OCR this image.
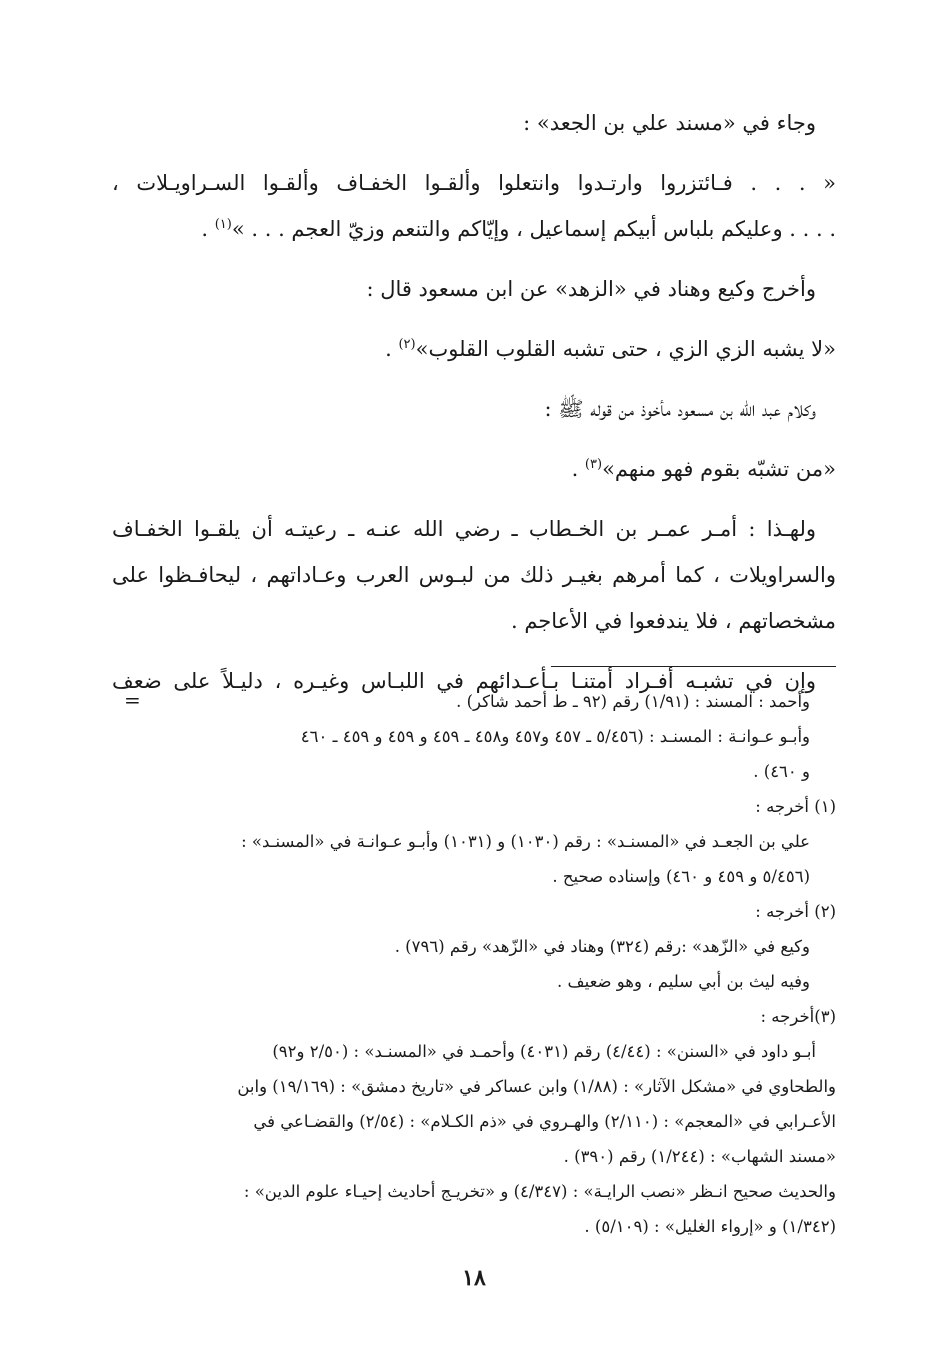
وجاء في «مسند علي بن الجعد» :

« . . . فـائتزروا وارتـدوا وانتعلوا وألقـوا الخفـاف وألقـوا السـراويـلات ،

. . . . وعليكم بلباس أبيكم إسماعيل ، وإيّاكم والتنعم وزيّ العجم . . . »$^{(١)}$ .

وأخرج وكيع وهناد في «الزهد» عن ابن مسعود قال :

«لا يشبه الزي الزي ، حتى تشبه القلوب القلوب»$^{(٢)}$ .

وكلام عبد الله بن مسعود مأخوذ من قوله ﷺ :

«من تشبّه بقوم فهو منهم»$^{(٣)}$ .

ولهـذا : أمـر عمـر بن الخـطاب ـ رضي الله عنـه ـ رعيتـه أن يلقـوا الخفـاف

والسراويلات ، كما أمرهم بغيـر ذلك من لبـوس العرب وعـاداتهم ، ليحافـظوا على

مشخصاتهم ، فلا يندفعوا في الأعاجم .

وإن في تشبـه أفـراد أمتنـا بـأعـدائهم في اللبـاس وغيـره ، دليـلاً على ضعف

=	وأحمد : المسند : (١/٩١) رقم (٩٢ ـ ط أحمد شاكر) .

وأبـو عـوانـة : المسنـد : (٥/٤٥٦ ـ ٤٥٧ و٤٥٧ و٤٥٨ ـ ٤٥٩ و ٤٥٩ و ٤٥٩ ـ ٤٦٠

و ٤٦٠) .

(١) أخرجه :

علي بن الجعـد في «المسنـد» : رقم (١٠٣٠) و (١٠٣١) وأبـو عـوانـة في «المسنـد» :

(٥/٤٥٦ و ٤٥٩ و ٤٦٠) وإسناده صحيح .

(٢) أخرجه :

وكيع في «الزّهد» :رقم (٣٢٤) وهناد في «الزّهد» رقم (٧٩٦) .

وفيه ليث بن أبي سليم ، وهو ضعيف .

(٣)أخرجه :

أبـو داود في «السنن» : (٤/٤٤) رقم (٤٠٣١) وأحمـد في «المسنـد» : (٢/٥٠ و٩٢)

والطحاوي في «مشكل الآثار» : (١/٨٨) وابن عساكر في «تاريخ دمشق» : (١٩/١٦٩) وابن

الأعـرابي في «المعجم» : (٢/١١٠) والهـروي في «ذم الكـلام» : (٢/٥٤) والقضـاعي في

«مسند الشهاب» : (١/٢٤٤) رقم (٣٩٠) .

والحديث صحيح انـظر «نصب الرايـة» : (٤/٣٤٧) و «تخريـج أحاديث إحيـاء علوم الدين» :

(١/٣٤٢) و «إرواء الغليل» : (٥/١٠٩) .

١٨
